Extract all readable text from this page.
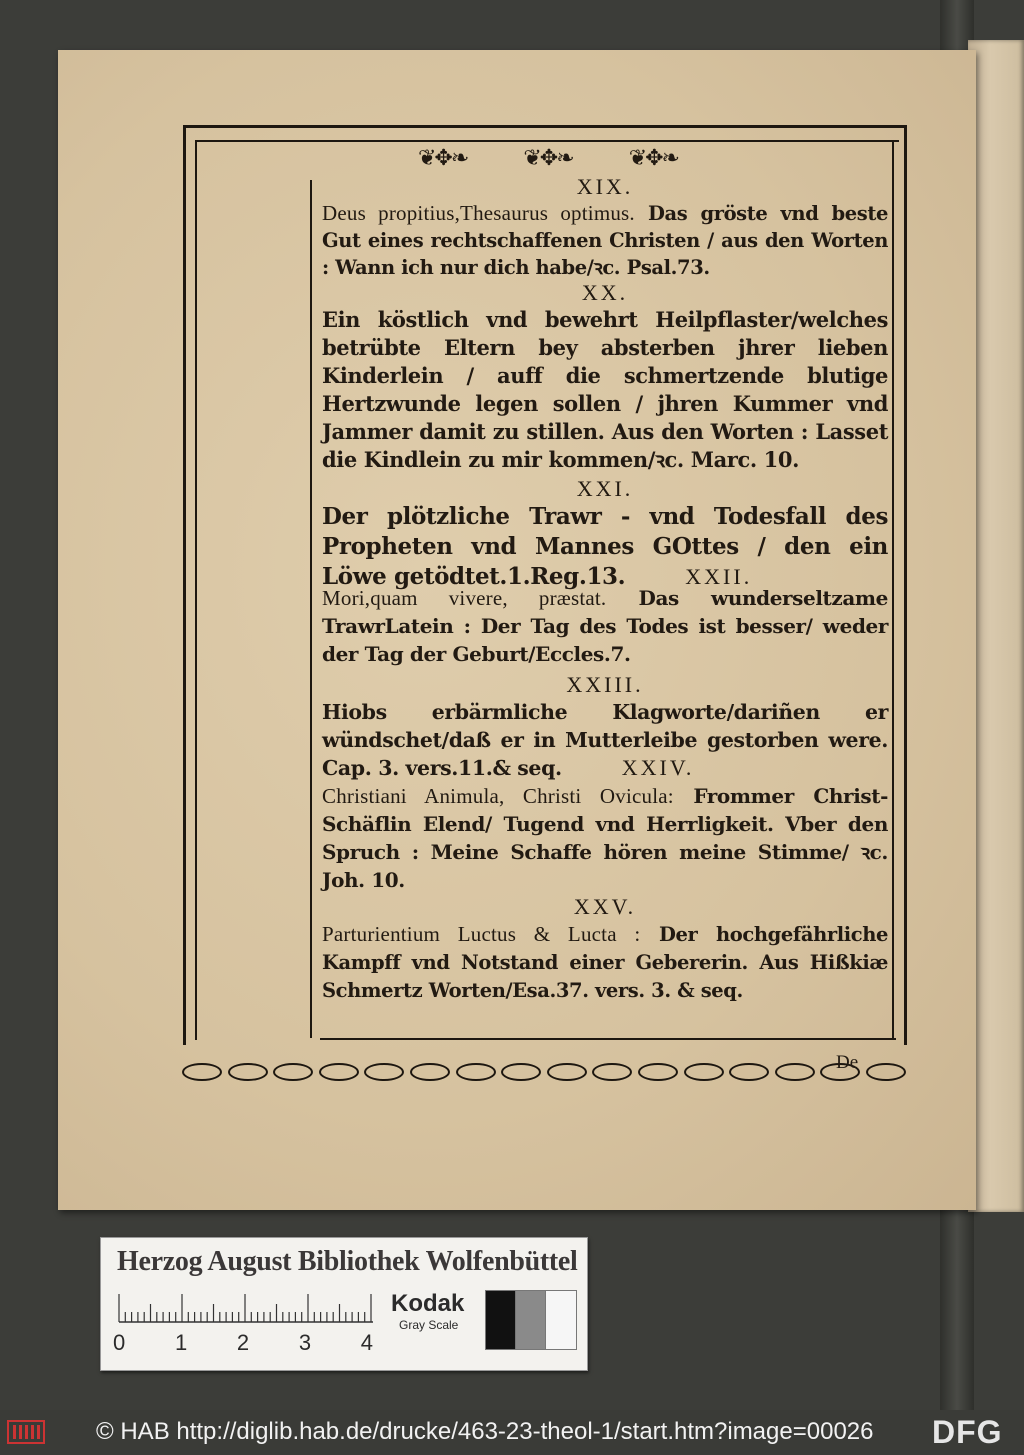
❦✥❧	❦✥❧	❦✥❧
XIX.
Deus propitius,Thesaurus optimus. Das gröste vnd beste Gut eines rechtschaffenen Christen / aus den Worten : Wann ich nur dich habe/ꝛc. Psal.73.
XX.
Ein köstlich vnd bewehrt Heilpflaster/welches betrübte Eltern bey absterben jhrer lieben Kinderlein / auff die schmertzende blutige Hertzwunde legen sollen / jhren Kummer vnd Jammer damit zu stillen. Aus den Worten : Lasset die Kindlein zu mir kommen/ꝛc. Marc. 10.
XXI.
Der plötzliche Trawr - vnd Todesfall des Propheten vnd Mannes GOttes / den ein Löwe getödtet.1.Reg.13.	XXII.
Mori,quam vivere, præstat. Das wunderseltzame TrawrLatein : Der Tag des Todes ist besser/ weder der Tag der Geburt/Eccles.7.
XXIII.
Hiobs erbärmliche Klagworte/dariñen er wündschet/daß er in Mutterleibe gestorben were. Cap. 3. vers.11.& seq.	XXIV.
Christiani Animula, Christi Ovicula: Frommer Christ-Schäflin Elend/ Tugend vnd Herrligkeit. Vber den Spruch : Meine Schaffe hören meine Stimme/ ꝛc. Joh. 10.
XXV.
Parturientium Luctus & Lucta : Der hochgefährliche Kampff vnd Notstand einer Gebererin. Aus Hißkiæ Schmertz Worten/Esa.37. vers. 3. & seq.
De
Herzog August Bibliothek Wolfenbüttel
0 1 2 3 4
Kodak
Gray Scale
© HAB http://diglib.hab.de/drucke/463-23-theol-1/start.htm?image=00026 DFG
